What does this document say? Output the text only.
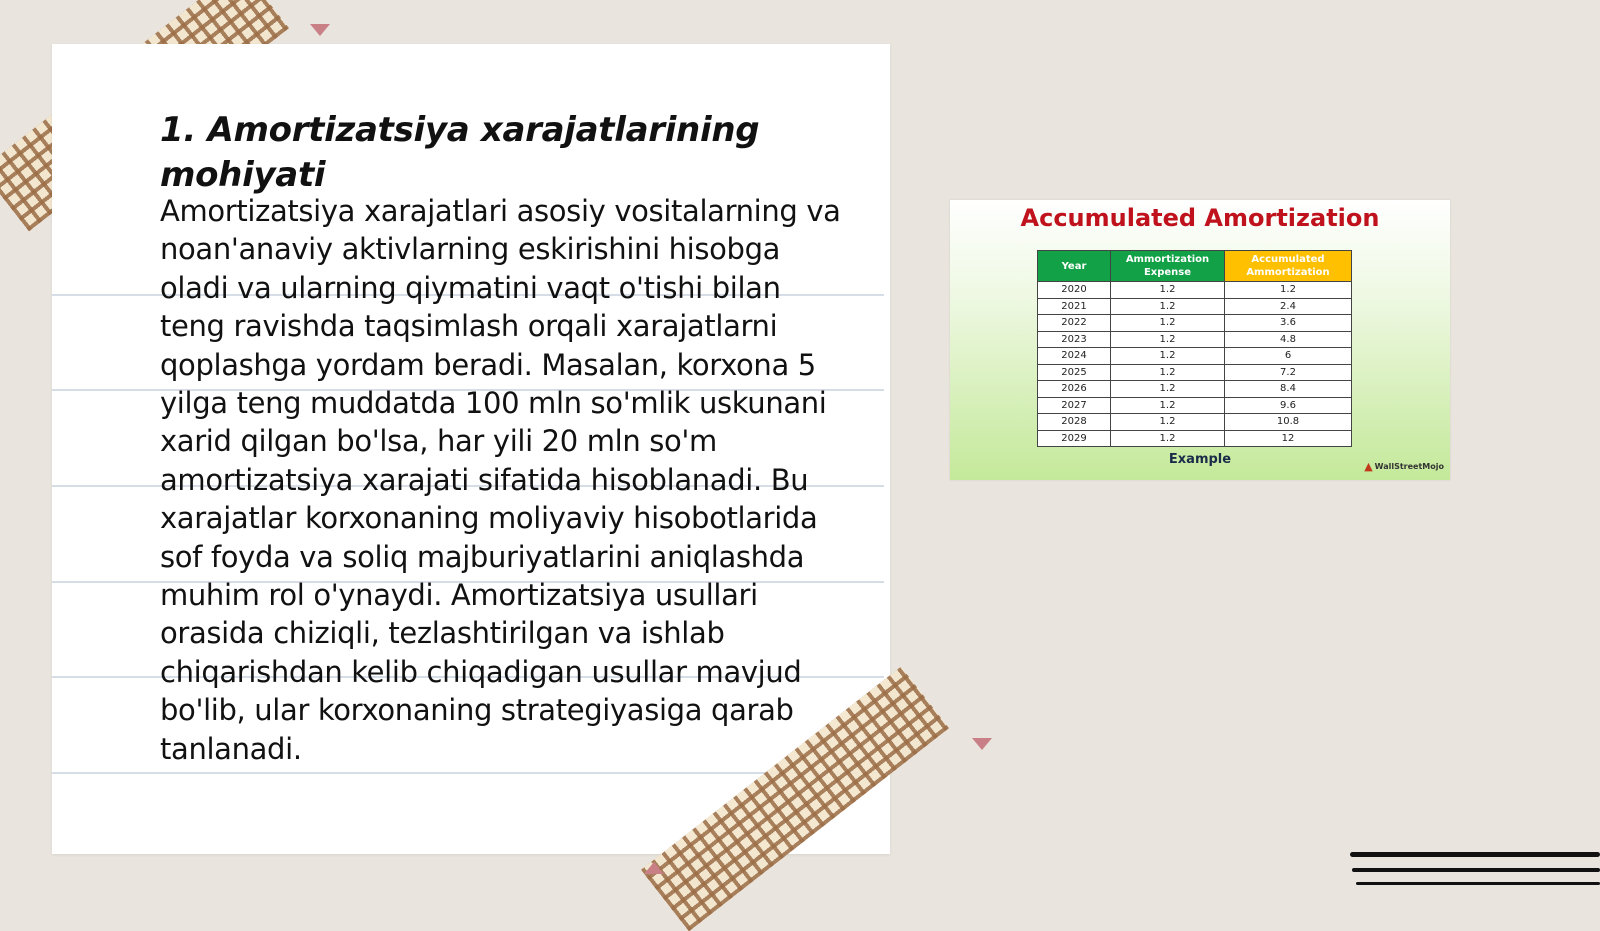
1. Amortizatsiya xarajatlarining mohiyati

Amortizatsiya xarajatlari asosiy vositalarning va noan'anaviy aktivlarning eskirishini hisobga oladi va ularning qiymatini vaqt o'tishi bilan teng ravishda taqsimlash orqali xarajatlarni qoplashga yordam beradi. Masalan, korxona 5 yilga teng muddatda 100 mln so'mlik uskunani xarid qilgan bo'lsa, har yili 20 mln so'm amortizatsiya xarajati sifatida hisoblanadi. Bu xarajatlar korxonaning moliyaviy hisobotlarida sof foyda va soliq majburiyatlarini aniqlashda muhim rol o'ynaydi. Amortizatsiya usullari orasida chiziqli, tezlashtirilgan va ishlab chiqarishdan kelib chiqadigan usullar mavjud bo'lib, ular korxonaning strategiyasiga qarab tanlanadi.

Accumulated Amortization
Year	Ammortization Expense	Accumulated Ammortization
2020	1.2	1.2
2021	1.2	2.4
2022	1.2	3.6
2023	1.2	4.8
2024	1.2	6
2025	1.2	7.2
2026	1.2	8.4
2027	1.2	9.6
2028	1.2	10.8
2029	1.2	12
Example	▲ WallStreetMojo
